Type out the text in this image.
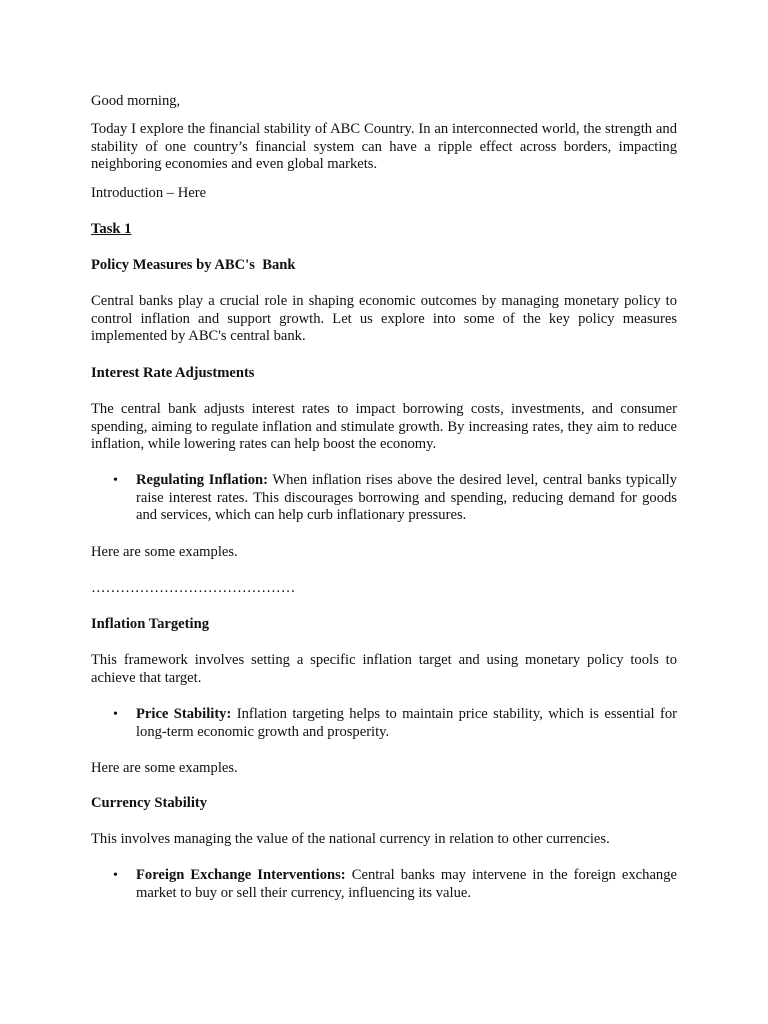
Good morning,

Today I explore the financial stability of ABC Country. In an interconnected world, the strength and stability of one country’s financial system can have a ripple effect across borders, impacting neighboring economies and even global markets.

Introduction – Here

Task 1

Policy Measures by ABC's  Bank

Central banks play a crucial role in shaping economic outcomes by managing monetary policy to control inflation and support growth. Let us explore into some of the key policy measures implemented by ABC's central bank.

Interest Rate Adjustments

The central bank adjusts interest rates to impact borrowing costs, investments, and consumer spending, aiming to regulate inflation and stimulate growth. By increasing rates, they aim to reduce inflation, while lowering rates can help boost the economy.

• Regulating Inflation: When inflation rises above the desired level, central banks typically raise interest rates. This discourages borrowing and spending, reducing demand for goods and services, which can help curb inflationary pressures.

Here are some examples.

……………………………………

Inflation Targeting

This framework involves setting a specific inflation target and using monetary policy tools to achieve that target.

• Price Stability: Inflation targeting helps to maintain price stability, which is essential for long-term economic growth and prosperity.

Here are some examples.

Currency Stability

This involves managing the value of the national currency in relation to other currencies.

• Foreign Exchange Interventions: Central banks may intervene in the foreign exchange market to buy or sell their currency, influencing its value.
